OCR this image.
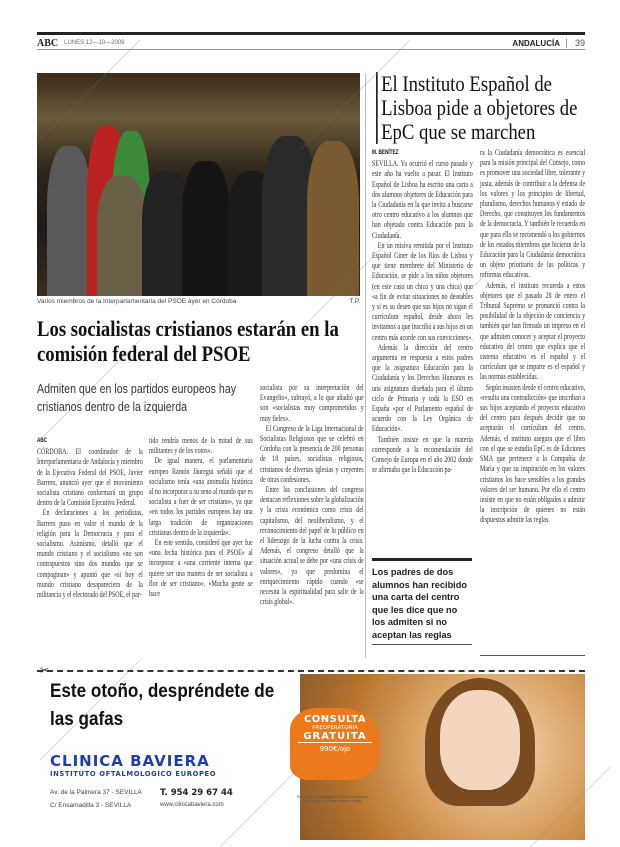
ABC LUNES 12—10—2009	ANDALUCÍA	39
Varios miembros de la Interparlamentaria del PSOE ayer en Córdoba	T.P.
Los socialistas cristianos estarán en la comisión federal del PSOE
Admiten que en los partidos europeos hay cristianos dentro de la izquierda
ABC

CÓRDOBA. El coordinador de la Interparlamentaria de Andalucía y miembro de la Ejecutiva Federal del PSOE, Javier Barrero, anunció ayer que el movimiento socialista cristiano conformará un grupo dentro de la Comisión Ejecutiva Federal.

En declaraciones a los periodistas, Barrero puso en valor el mundo de la religión para la Democracia y para el socialismo. Asimismo, detalló que el mundo cristiano y el socialismo «no son contrapuestos sino dos mundos que se compaginan» y apuntó que «si hoy el mundo cristiano desapareciera de la militancia y el electorado del PSOE, el par-

tido tendría menos de la mitad de sus militantes y de los votos».

De igual manera, el parlamentario europeo Ramón Jáuregui señaló que el socialismo tenía «una anomalía histórica al no incorporar a su seno al mundo que es socialista a fuer de ser cristiano», ya que «en todos los partidos europeos hay una larga tradición de organizaciones cristianas dentro de la izquierda».

En este sentido, consideró que ayer fue «una fecha histórica para el PSOE» al incorporar a «una corriente interna que quiere ser una manera de ser socialista a flor de ser cristiano». «Mucha gente se hace

socialista por su interpretación del Evangelio», subrayó, a lo que añadió que son «socialistas muy comprometidos y muy fieles».

El Congreso de la Liga Internacional de Socialistas Religiosos que se celebró en Córdoba con la presencia de 200 personas de 18 países, socialistas religiosos, cristianos de diversas iglesias y creyentes de otras confesiones.

Entre las conclusiones del congreso destacan reflexiones sobre la globalización y la crisis económica como crisis del capitalismo, del neoliberalismo, y el reconocimiento del papel de lo público en el liderazgo de la lucha contra la crisis. Además, el congreso detalló que la situación actual se debe por «una crisis de valores», ya que predomina el enriquecimiento rápido cuando «se necesita la espiritualidad para salir de la crisis global».

El Instituto Español de Lisboa pide a objetores de EpC que se marchen
M. BENÍTEZ

SEVILLA. Ya ocurrió el curso pasado y este año ha vuelto a pasar. El Instituto Español de Lisboa ha escrito una carta a dos alumnos objetores de Educación para la Ciudadanía en la que invita a buscarse otro centro educativo a los alumnos que han objetado contra Educación para la Ciudadanía.

En un misiva remitida por el Instituto Español Giner de los Ríos de Lisboa y que tiene membrete del Ministerio de Educación, se pide a los niños objetores (en este caso un chico y una chica) que «a fin de evitar situaciones no deseables y si es su deseo que sus hijos no sigan el currículum español, desde ahora les invitamos a que inscriba a sus hijos en un centro más acorde con sus convicciones».

Además la dirección del centro argumenta en respuesta a estos padres que la asignatura Educación para la Ciudadanía y los Derechos Humanos es una asignatura diseñada para el último ciclo de Primaria y toda la ESO en España «por el Parlamento español de acuerdo con la Ley Orgánica de Educación».

También insiste en que la materia corresponde a la recomendación del Consejo de Europa en el año 2002 donde se afirmaba que la Educación pa-

Los padres de dos alumnos han recibido una carta del centro que les dice que no los admiten si no aceptan las reglas

ra la Ciudadanía democrática es esencial para la misión principal del Consejo, como es promover una sociedad libre, tolerante y justa, además de contribuir a la defensa de los valores y los principios de libertad, pluralismo, derechos humanos y estado de Derecho, que constituyen los fundamentos de la democracia. Y también le recuerda en que para ello se recomendó a los gobiernos de los estados miembros que hicieran de la Educación para la Ciudadanía democrática un objeto prioritario de las políticas y reformas educativas.

Además, el instituto recuerda a estos objetores que el pasado 28 de enero el Tribunal Supremo se pronunció contra la posibilidad de la objeción de conciencia y también que han firmado un impreso en el que admiten conocer y aceptar el proyecto educativo del centro que explica que el sistema educativo es el español y el currículum que se imparte es el español y las normas establecidas.

Según insisten desde el centro educativo, «resulta una contradicción» que inscriban a sus hijos aceptando el proyecto educativo del centro para después decidir que no aceptarán el currículum del centro. Además, el instituto asegura que el libro con el que se estudia EpC es de Ediciones SMA que pertenece a la Compañía de María y que su inspiración en los valores cristianos los hace sensibles a los grandes valores del ser humano. Por ello el centro insiste en que no están obligados a admitir la inscripción de quienes no están dispuestos admitir las reglas.

✂
CONSULTA
PREOPERATORIA
GRATUITA
990€/ojo
Promoción válida hasta 31/12/09 presentando este cupón en Clínica Baviera Sevilla
Este otoño, despréndete de las gafas
CLINICA BAVIERA
INSTITUTO OFTALMOLOGICO EUROPEO
Av. de la Palmera 37 - SEVILLA
C/ Ensamadilla 3 - SEVILLA
T. 954 29 67 44
www.clinicabaviera.com
